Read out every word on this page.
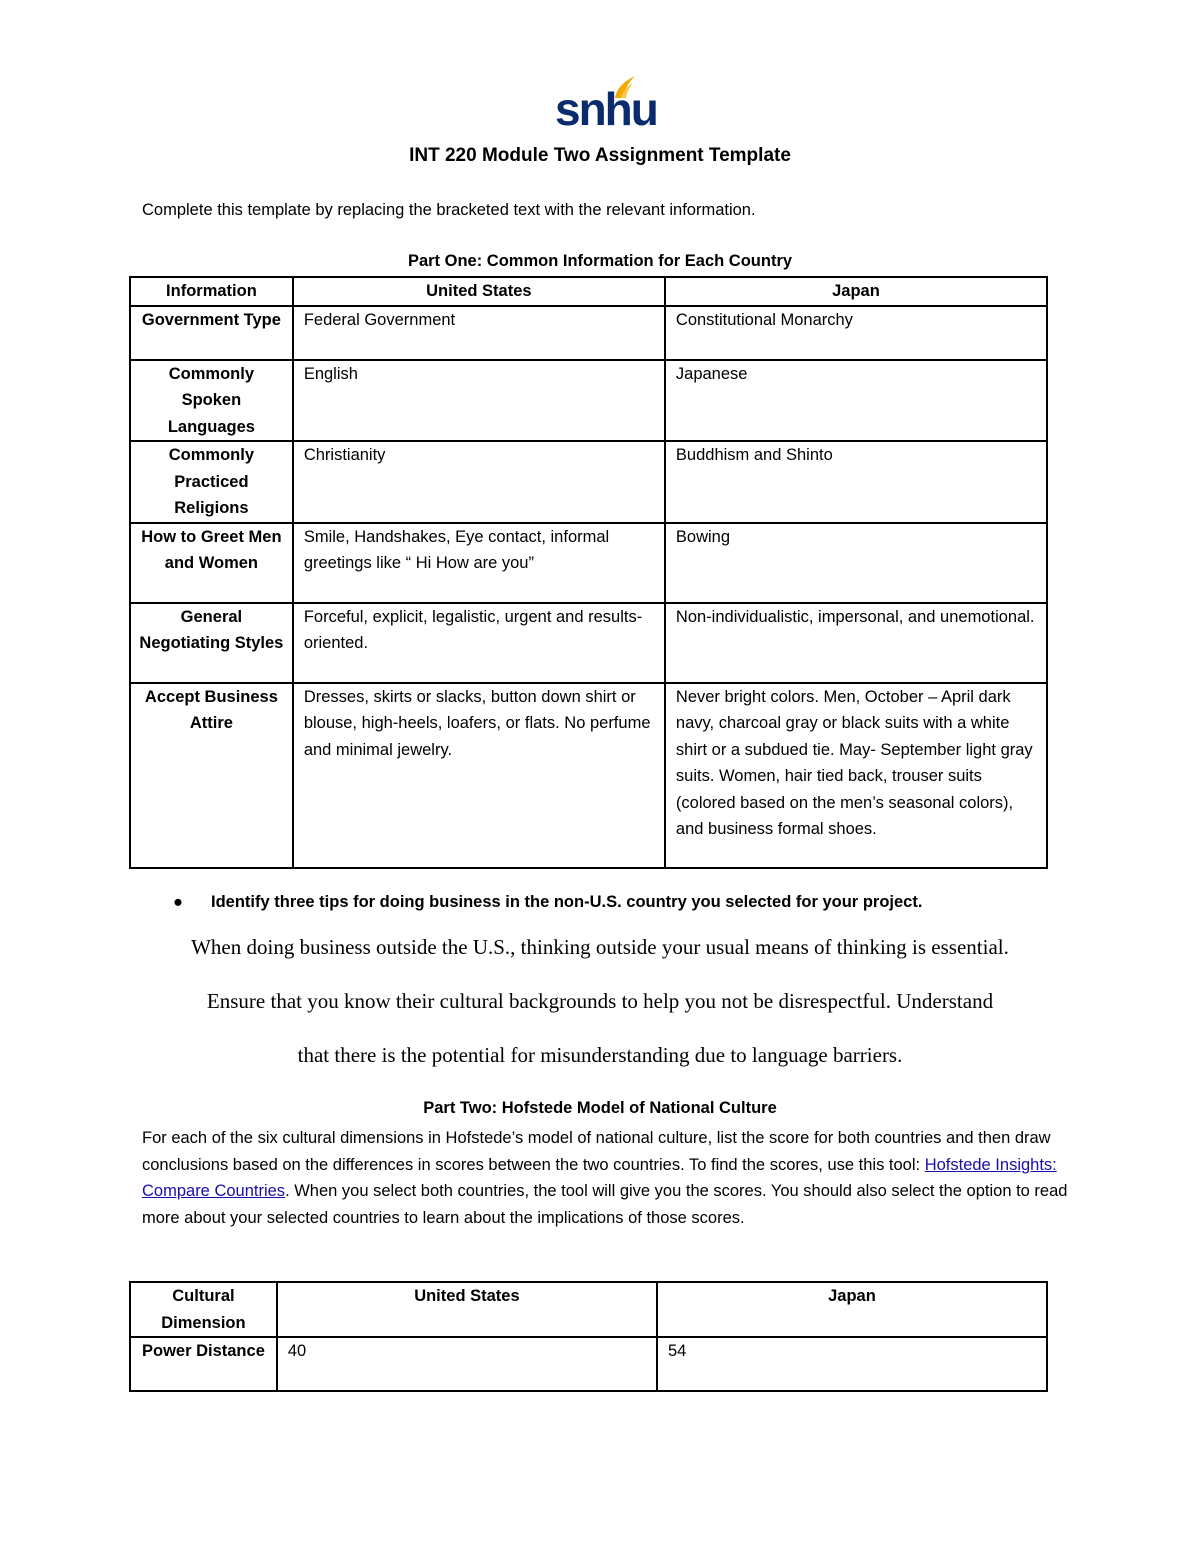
snhu
INT 220 Module Two Assignment Template
Complete this template by replacing the bracketed text with the relevant information.
Part One: Common Information for Each Country
Information	United States	Japan
Government Type	Federal Government	Constitutional Monarchy
Commonly Spoken Languages	English	Japanese
Commonly Practiced Religions	Christianity	Buddhism and Shinto
How to Greet Men and Women	Smile, Handshakes, Eye contact, informal greetings like “ Hi How are you”	Bowing
General Negotiating Styles	Forceful, explicit, legalistic, urgent and results- oriented.	Non-individualistic, impersonal, and unemotional.
Accept Business Attire	Dresses, skirts or slacks, button down shirt or blouse, high-heels, loafers, or flats. No perfume and minimal jewelry.	Never bright colors. Men, October – April dark navy, charcoal gray or black suits with a white shirt or a subdued tie. May- September light gray suits. Women, hair tied back, trouser suits (colored based on the men’s seasonal colors), and business formal shoes.
● Identify three tips for doing business in the non-U.S. country you selected for your project.
When doing business outside the U.S., thinking outside your usual means of thinking is essential.
Ensure that you know their cultural backgrounds to help you not be disrespectful. Understand
that there is the potential for misunderstanding due to language barriers.
Part Two: Hofstede Model of National Culture
For each of the six cultural dimensions in Hofstede’s model of national culture, list the score for both countries and then draw conclusions based on the differences in scores between the two countries. To find the scores, use this tool: Hofstede Insights: Compare Countries. When you select both countries, the tool will give you the scores. You should also select the option to read more about your selected countries to learn about the implications of those scores.
Cultural Dimension	United States	Japan
Power Distance	40	54
